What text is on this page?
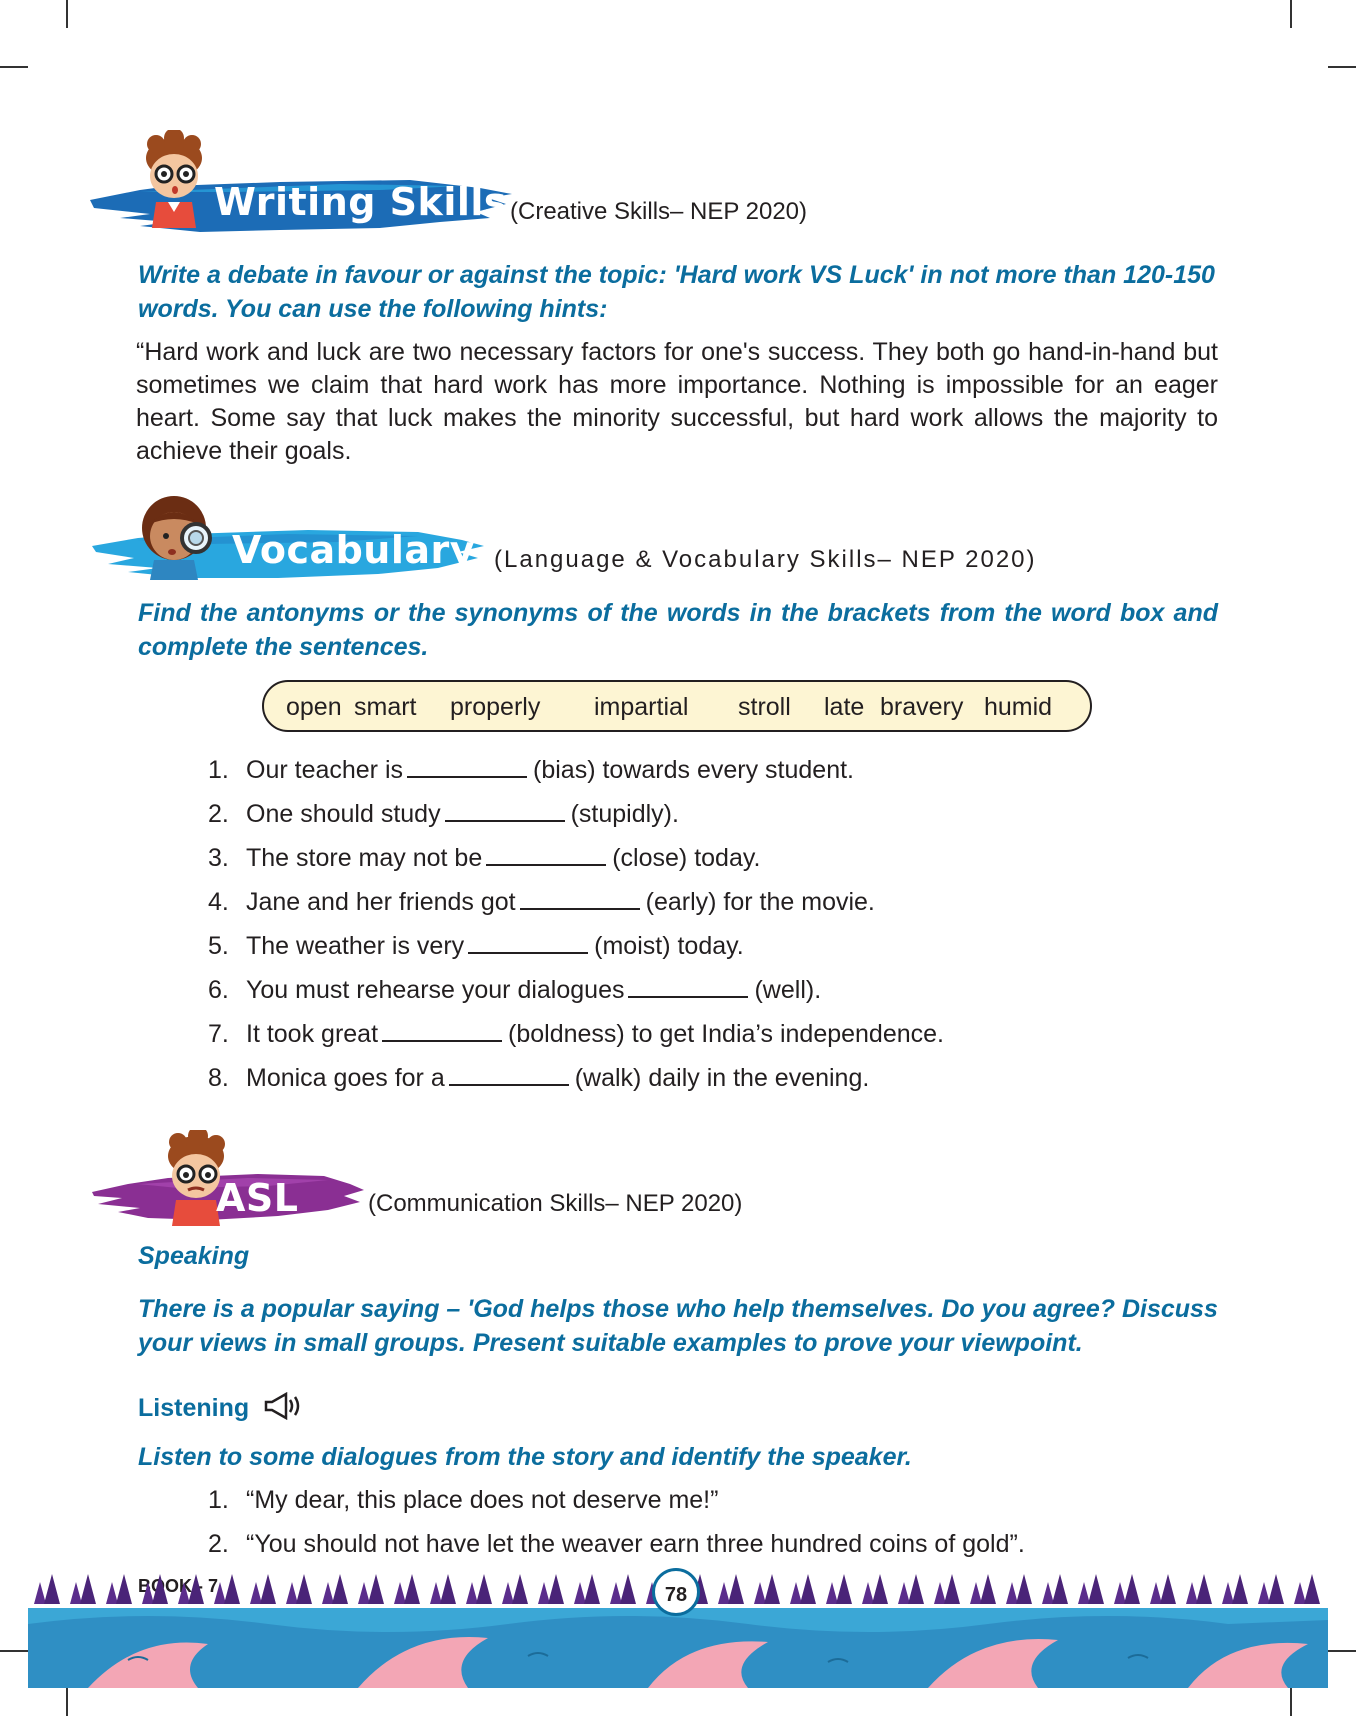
Writing Skills (Creative Skills– NEP 2020)
Write a debate in favour or against the topic: 'Hard work VS Luck' in not more than 120-150 words. You can use the following hints:
“Hard work and luck are two necessary factors for one's success. They both go hand-in-hand but sometimes we claim that hard work has more importance. Nothing is impossible for an eager heart. Some say that luck makes the minority successful, but hard work allows the majority to achieve their goals.
Vocabulary (Language & Vocabulary Skills– NEP 2020)
Find the antonyms or the synonyms of the words in the brackets from the word box and complete the sentences.
open smart properly impartial stroll late bravery humid
1. Our teacher is	(bias) towards every student.
2. One should study	(stupidly).
3. The store may not be	(close) today.
4. Jane and her friends got	(early) for the movie.
5. The weather is very	(moist) today.
6. You must rehearse your dialogues	(well).
7. It took great	(boldness) to get India’s independence.
8. Monica goes for a	(walk) daily in the evening.
ASL	(Communication Skills– NEP 2020)
Speaking
There is a popular saying – 'God helps those who help themselves. Do you agree? Discuss your views in small groups. Present suitable examples to prove your viewpoint.
Listening
Listen to some dialogues from the story and identify the speaker.
1. “My dear, this place does not deserve me!”
2. “You should not have let the weaver earn three hundred coins of gold”.
78
